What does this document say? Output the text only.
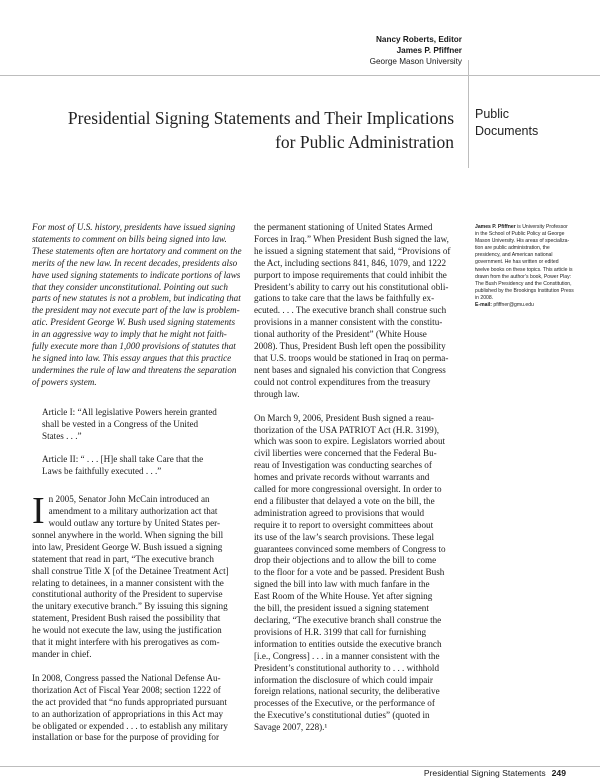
Nancy Roberts, Editor
James P. Pfiffner
George Mason University
Presidential Signing Statements and Their Implications
for Public Administration
Public
Documents

For most of U.S. history, presidents have issued signing
statements to comment on bills being signed into law.
These statements often are hortatory and comment on the
merits of the new law. In recent decades, presidents also
have used signing statements to indicate portions of laws
that they consider unconstitutional. Pointing out such
parts of new statutes is not a problem, but indicating that
the president may not execute part of the law is problem-
atic. President George W. Bush used signing statements
in an aggressive way to imply that he might not faith-
fully execute more than 1,000 provisions of statutes that
he signed into law. This essay argues that this practice
undermines the rule of law and threatens the separation
of powers system.

Article I: “All legislative Powers herein granted
shall be vested in a Congress of the United
States . . .”

Article II: “ . . . [H]e shall take Care that the
Laws be faithfully executed . . .”

I n 2005, Senator John McCain introduced an
amendment to a military authorization act that
would outlaw any torture by United States per-
sonnel anywhere in the world. When signing the bill
into law, President George W. Bush issued a signing
statement that read in part, “The executive branch
shall construe Title X [of the Detainee Treatment Act]
relating to detainees, in a manner consistent with the
constitutional authority of the President to supervise
the unitary executive branch.” By issuing this signing
statement, President Bush raised the possibility that
he would not execute the law, using the justification
that it might interfere with his prerogatives as com-
mander in chief.

In 2008, Congress passed the National Defense Au-
thorization Act of Fiscal Year 2008; section 1222 of
the act provided that “no funds appropriated pursuant
to an authorization of appropriations in this Act may
be obligated or expended . . . to establish any military
installation or base for the purpose of providing for

the permanent stationing of United States Armed
Forces in Iraq.” When President Bush signed the law,
he issued a signing statement that said, “Provisions of
the Act, including sections 841, 846, 1079, and 1222
purport to impose requirements that could inhibit the
President’s ability to carry out his constitutional obli-
gations to take care that the laws be faithfully ex-
ecuted. . . . The executive branch shall construe such
provisions in a manner consistent with the constitu-
tional authority of the President” (White House
2008). Thus, President Bush left open the possibility
that U.S. troops would be stationed in Iraq on perma-
nent bases and signaled his conviction that Congress
could not control expenditures from the treasury
through law.

On March 9, 2006, President Bush signed a reau-
thorization of the USA PATRIOT Act (H.R. 3199),
which was soon to expire. Legislators worried about
civil liberties were concerned that the Federal Bu-
reau of Investigation was conducting searches of
homes and private records without warrants and
called for more congressional oversight. In order to
end a filibuster that delayed a vote on the bill, the
administration agreed to provisions that would
require it to report to oversight committees about
its use of the law’s search provisions. These legal
guarantees convinced some members of Congress to
drop their objections and to allow the bill to come
to the floor for a vote and be passed. President Bush
signed the bill into law with much fanfare in the
East Room of the White House. Yet after signing
the bill, the president issued a signing statement
declaring, “The executive branch shall construe the
provisions of H.R. 3199 that call for furnishing
information to entities outside the executive branch
[i.e., Congress] . . . in a manner consistent with the
President’s constitutional authority to . . . withhold
information the disclosure of which could impair
foreign relations, national security, the deliberative
processes of the Executive, or the performance of
the Executive’s constitutional duties” (quoted in
Savage 2007, 228).¹

James P. Pfiffner is University Professor
in the School of Public Policy at George
Mason University. His areas of specializa-
tion are public administration, the
presidency, and American national
government. He has written or edited
twelve books on these topics. This article is
drawn from the author’s book, Power Play:
The Bush Presidency and the Constitution,
published by the Brookings Institution Press
in 2008.
E-mail: pfiffner@gmu.edu
Presidential Signing Statements 249
